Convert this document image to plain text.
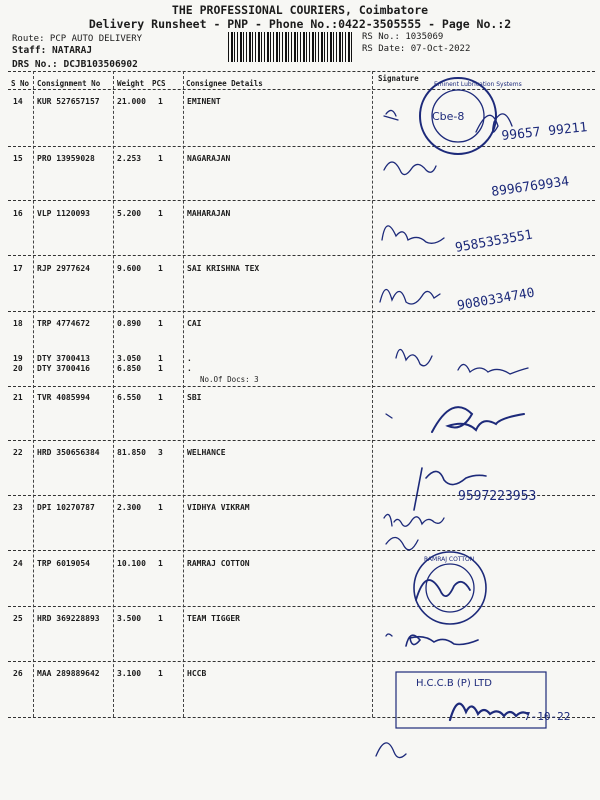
THE PROFESSIONAL COURIERS, Coimbatore
Delivery Runsheet - PNP - Phone No.:0422-3505555 - Page No.:2
Route: PCP AUTO DELIVERY
Staff: NATARAJ
DRS No.: DCJB103506902
RS No.: 1035069
RS Date: 07-Oct-2022
S No Consignment No Weight PCS	Consignee Details
Signature
14 KUR 527657157 21.000 1	EMINENT
15 PRO 13959028	2.253 1	NAGARAJAN
16 VLP 1120093	5.200 1	MAHARAJAN
17 RJP 2977624	9.600 1	SAI KRISHNA TEX
18 TRP 4774672	0.890 1	CAI
19 DTY 3700413	3.050 1	.
20 DTY 3700416	6.850 1	.
No.Of Docs: 3
21 TVR 4085994	6.550 1	SBI
22 HRD 350656384 81.850 3	WELHANCE
23 DPI 10270787	2.300 1	VIDHYA VIKRAM
24 TRP 6019054	10.100 1	RAMRAJ COTTON
25 HRD 369228893 3.500 1	TEAM TIGGER
26 MAA 289889642 3.100 1	HCCB
Cbe-8
Eminent Lubrication Systems
99657 99211
8996769934
9585353551
9080334740
9597223953
RAMRAJ COTTON
H.C.C.B (P) LTD
7-10-22
